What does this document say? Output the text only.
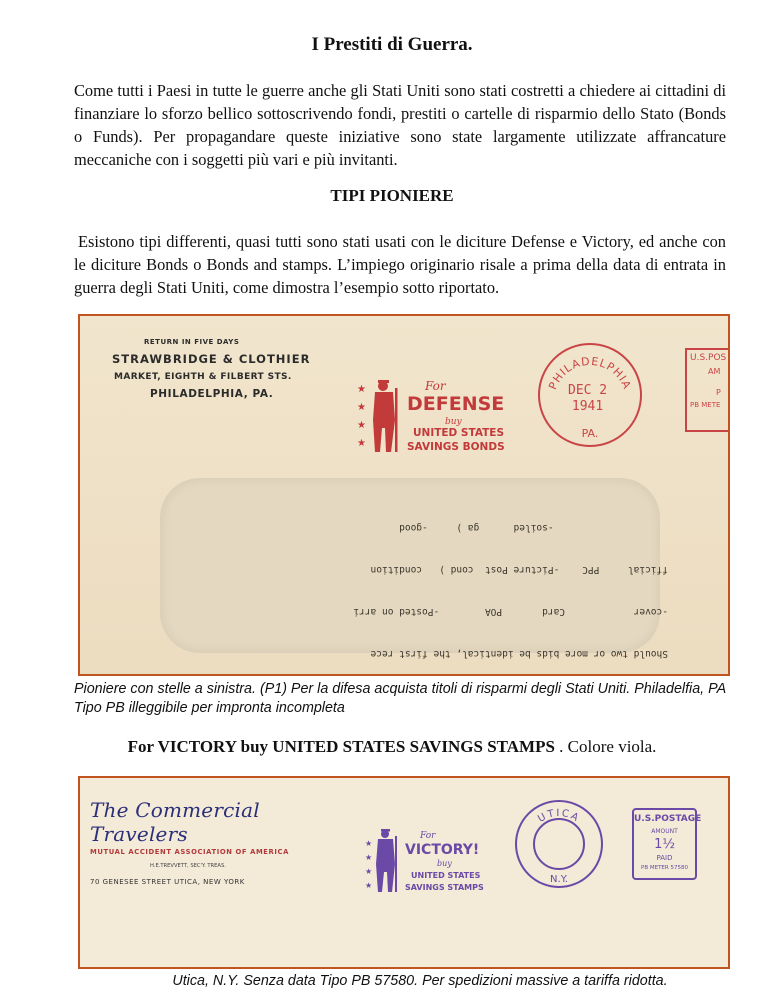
I Prestiti di Guerra.
Come tutti i Paesi in tutte le guerre anche gli Stati Uniti sono stati costretti a chiedere ai cittadini di finanziare lo sforzo bellico sottoscrivendo fondi, prestiti o cartelle di risparmio dello Stato (Bonds o Funds). Per propagandare queste iniziative sono state largamente utilizzate affrancature meccaniche con i soggetti più vari e più invitanti.
TIPI PIONIERE
Esistono tipi differenti, quasi tutti sono stati usati con le diciture Defense e Victory, ed anche con le diciture Bonds o Bonds and stamps. L’impiego originario risale a prima della data di entrata in guerra degli Stati Uniti, come dimostra l’esempio sotto riportato.
RETURN IN FIVE DAYS
STRAWBRIDGE & CLOTHIER
MARKET, EIGHTH & FILBERT STS.
PHILADELPHIA, PA.	★
★
★
★
For
DEFENSE
buy
UNITED STATES
SAVINGS BONDS
PHILADELPHIA
PA.
DEC 2
1941
U.S.POS
AM
P
PB METE

Should two or more bids be identical, the first rece

-cover            Card       POA        -Posted on arri

fficial     PPC    -Picture Post  cond )   condition

-soiled      ga )     -good

Pioniere con stelle a sinistra. (P1) Per la difesa acquista titoli di risparmi degli Stati Uniti. Philadelfia, PA Tipo PB illeggibile per impronta incompleta
For VICTORY buy UNITED STATES SAVINGS STAMPS . Colore viola.
The Commercial Travelers
MUTUAL ACCIDENT ASSOCIATION OF AMERICA
H.E.TREVVETT, SEC'Y. TREAS.
70 GENESEE STREET UTICA, NEW YORK
★
★
★
★
For
VICTORY!
buy
UNITED STATES
SAVINGS STAMPS
UTICA
N.Y.
U.S.POSTAGE
AMOUNT
1½
PAID
PB METER 57580
Utica, N.Y. Senza data Tipo PB 57580. Per spedizioni massive a tariffa ridotta.
